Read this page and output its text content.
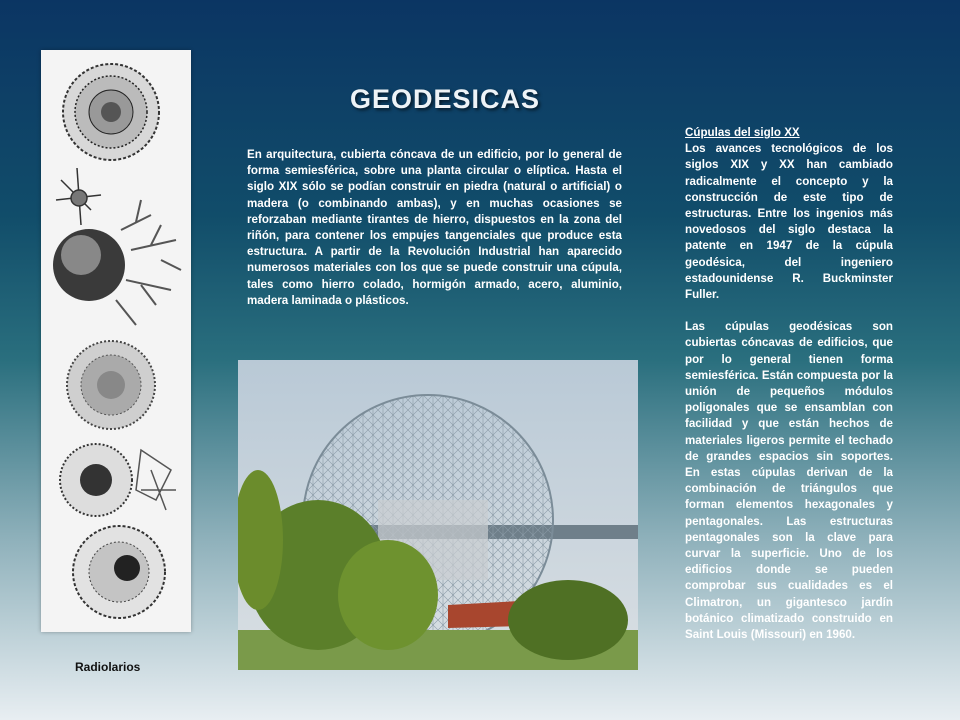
Radiolarios
GEODESICAS
En arquitectura, cubierta cóncava de un edificio, por lo general de forma semiesférica, sobre una planta circular o elíptica. Hasta el siglo XIX sólo se podían construir en piedra (natural o artificial) o madera (o combinando ambas), y en muchas ocasiones se reforzaban mediante tirantes de hierro, dispuestos en la zona del riñón, para contener los empujes tangenciales que produce esta estructura. A partir de la Revolución Industrial han aparecido numerosos materiales con los que se puede construir una cúpula, tales como hierro colado, hormigón armado, acero, aluminio, madera laminada o plásticos.

Cúpulas del siglo XX
Los avances tecnológicos de los siglos XIX y XX han cambiado radicalmente el concepto y la construcción de este tipo de estructuras. Entre los ingenios más novedosos del siglo destaca la patente en 1947 de la cúpula geodésica, del ingeniero estadounidense R. Buckminster Fuller.

Las cúpulas geodésicas son cubiertas cóncavas de edificios, que por lo general tienen forma semiesférica. Están compuesta por la unión de pequeños módulos poligonales que se ensamblan con facilidad y que están hechos de materiales ligeros permite el techado de grandes espacios sin soportes. En estas cúpulas derivan de la combinación de triángulos que forman elementos hexagonales y pentagonales. Las estructuras pentagonales son la clave para curvar la superficie. Uno de los edificios donde se pueden comprobar sus cualidades es el Climatron, un gigantesco jardín botánico climatizado construido en Saint Louis (Missouri) en 1960.
